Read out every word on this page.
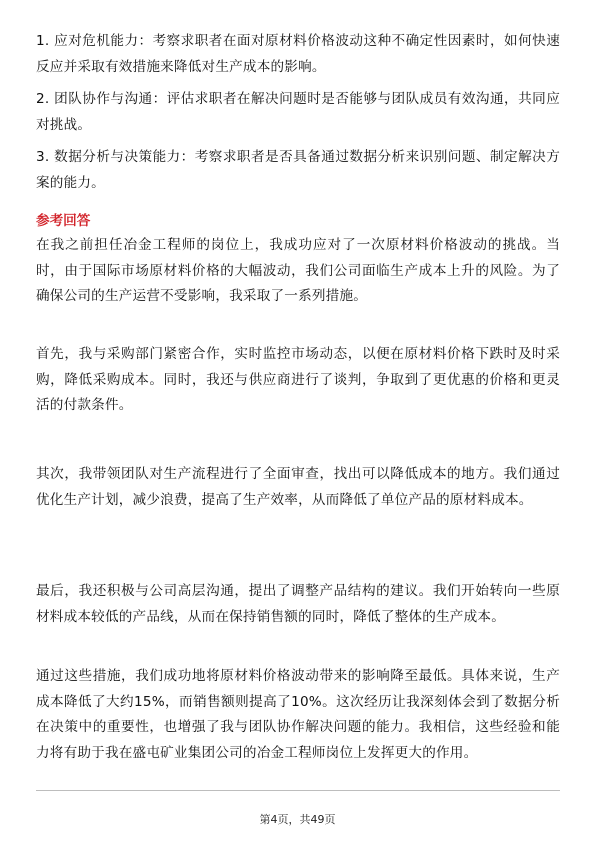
1. 应对危机能力：考察求职者在面对原材料价格波动这种不确定性因素时，如何快速反应并采取有效措施来降低对生产成本的影响。

2. 团队协作与沟通：评估求职者在解决问题时是否能够与团队成员有效沟通，共同应对挑战。

3. 数据分析与决策能力：考察求职者是否具备通过数据分析来识别问题、制定解决方案的能力。

参考回答

在我之前担任冶金工程师的岗位上，我成功应对了一次原材料价格波动的挑战。当时，由于国际市场原材料价格的大幅波动，我们公司面临生产成本上升的风险。为了确保公司的生产运营不受影响，我采取了一系列措施。

首先，我与采购部门紧密合作，实时监控市场动态，以便在原材料价格下跌时及时采购，降低采购成本。同时，我还与供应商进行了谈判，争取到了更优惠的价格和更灵活的付款条件。

其次，我带领团队对生产流程进行了全面审查，找出可以降低成本的地方。我们通过优化生产计划，减少浪费，提高了生产效率，从而降低了单位产品的原材料成本。

最后，我还积极与公司高层沟通，提出了调整产品结构的建议。我们开始转向一些原材料成本较低的产品线，从而在保持销售额的同时，降低了整体的生产成本。

通过这些措施，我们成功地将原材料价格波动带来的影响降至最低。具体来说，生产成本降低了大约15%，而销售额则提高了10%。这次经历让我深刻体会到了数据分析在决策中的重要性，也增强了我与团队协作解决问题的能力。我相信，这些经验和能力将有助于我在盛屯矿业集团公司的冶金工程师岗位上发挥更大的作用。

第4页，共49页
